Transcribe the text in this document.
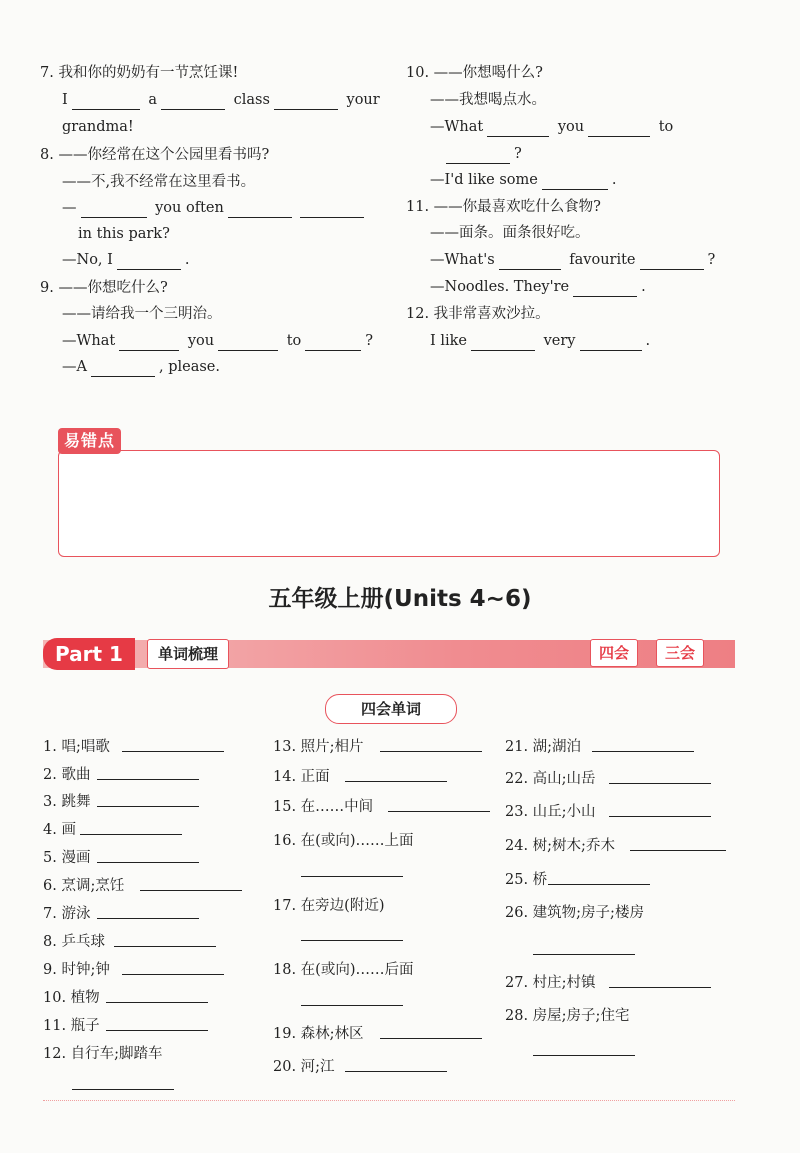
7. 我和你的奶奶有一节烹饪课!
I	a	class	your
grandma!
8. ——你经常在这个公园里看书吗?
——不,我不经常在这里看书。
—	you often
in this park?
—No, I	.
9. ——你想吃什么?
——请给我一个三明治。
—What	you	to	?
—A	, please.
10. ——你想喝什么?
——我想喝点水。
—What	you	to
?
—I'd like some	.
11. ——你最喜欢吃什么食物?
——面条。面条很好吃。
—What's	favourite	?
—Noodles. They're	.
12. 我非常喜欢沙拉。
I like	very	.
易错点
五年级上册(Units 4~6)
Part 1	单词梳理	四会	三会
四会单词
1. 唱;唱歌
2. 歌曲
3. 跳舞
4. 画
5. 漫画
6. 烹调;烹饪
7. 游泳
8. 乒乓球
9. 时钟;钟
10. 植物
11. 瓶子
12. 自行车;脚踏车
13. 照片;相片
14. 正面
15. 在……中间
16. 在(或向)……上面
17. 在旁边(附近)
18. 在(或向)……后面
19. 森林;林区
20. 河;江
21. 湖;湖泊
22. 高山;山岳
23. 山丘;小山
24. 树;树木;乔木
25. 桥
26. 建筑物;房子;楼房
27. 村庄;村镇
28. 房屋;房子;住宅
